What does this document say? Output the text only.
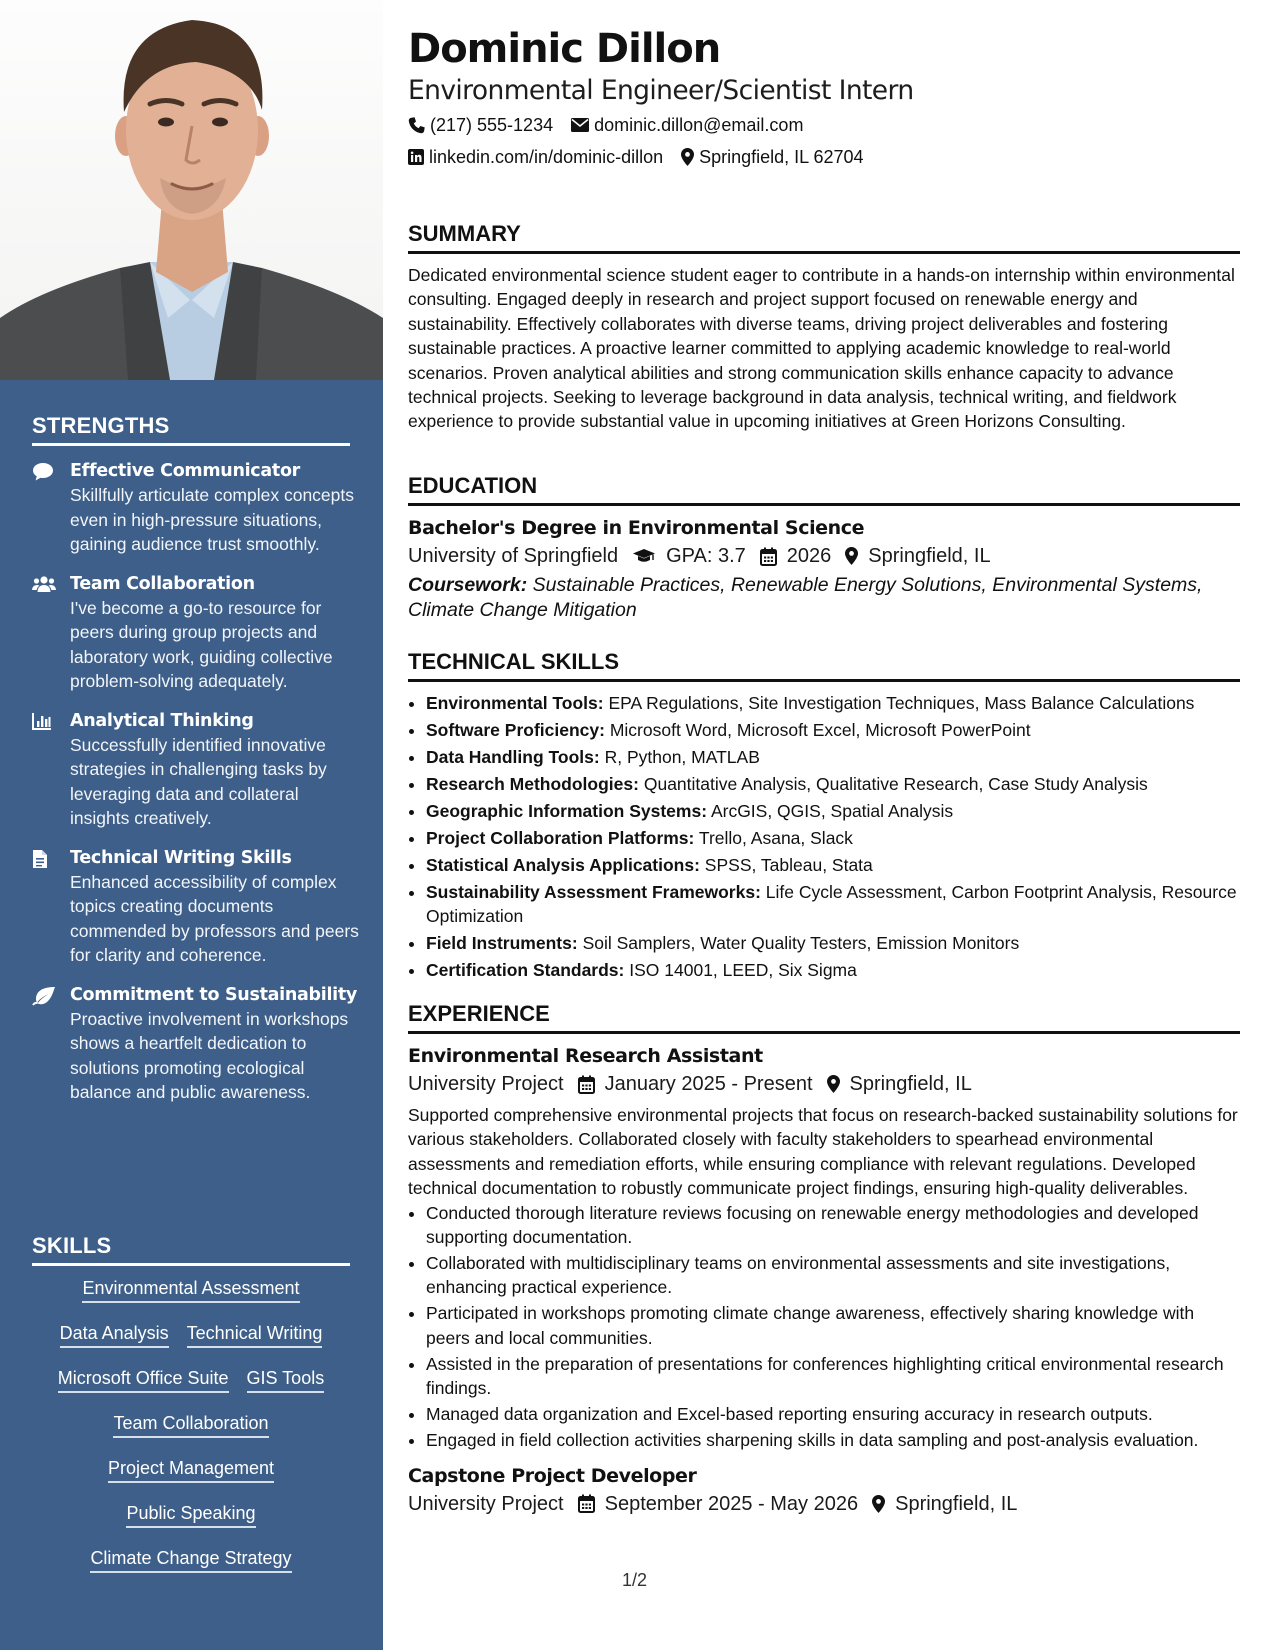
STRENGTHS
Effective Communicator
Skillfully articulate complex concepts even in high-pressure situations, gaining audience trust smoothly.
Team Collaboration
I've become a go-to resource for peers during group projects and laboratory work, guiding collective problem-solving adequately.
Analytical Thinking
Successfully identified innovative strategies in challenging tasks by leveraging data and collateral insights creatively.
Technical Writing Skills
Enhanced accessibility of complex topics creating documents commended by professors and peers for clarity and coherence.
Commitment to Sustainability
Proactive involvement in workshops shows a heartfelt dedication to solutions promoting ecological balance and public awareness.
SKILLS
Environmental Assessment
Data Analysis Technical Writing
Microsoft Office Suite GIS Tools
Team Collaboration
Project Management
Public Speaking
Climate Change Strategy
Dominic Dillon
Environmental Engineer/Scientist Intern
(217) 555-1234 dominic.dillon@email.com
linkedin.com/in/dominic-dillon Springfield, IL 62704
SUMMARY
Dedicated environmental science student eager to contribute in a hands-on internship within environmental consulting. Engaged deeply in research and project support focused on renewable energy and sustainability. Effectively collaborates with diverse teams, driving project deliverables and fostering sustainable practices. A proactive learner committed to applying academic knowledge to real-world scenarios. Proven analytical abilities and strong communication skills enhance capacity to advance technical projects. Seeking to leverage background in data analysis, technical writing, and fieldwork experience to provide substantial value in upcoming initiatives at Green Horizons Consulting.
EDUCATION
Bachelor's Degree in Environmental Science
University of Springfield GPA: 3.7 2026 Springfield, IL
Coursework: Sustainable Practices, Renewable Energy Solutions, Environmental Systems, Climate Change Mitigation
TECHNICAL SKILLS
• Environmental Tools: EPA Regulations, Site Investigation Techniques, Mass Balance Calculations
• Software Proficiency: Microsoft Word, Microsoft Excel, Microsoft PowerPoint
• Data Handling Tools: R, Python, MATLAB
• Research Methodologies: Quantitative Analysis, Qualitative Research, Case Study Analysis
• Geographic Information Systems: ArcGIS, QGIS, Spatial Analysis
• Project Collaboration Platforms: Trello, Asana, Slack
• Statistical Analysis Applications: SPSS, Tableau, Stata
• Sustainability Assessment Frameworks: Life Cycle Assessment, Carbon Footprint Analysis, Resource Optimization
• Field Instruments: Soil Samplers, Water Quality Testers, Emission Monitors
• Certification Standards: ISO 14001, LEED, Six Sigma
EXPERIENCE
Environmental Research Assistant
University Project January 2025 - Present Springfield, IL
Supported comprehensive environmental projects that focus on research-backed sustainability solutions for various stakeholders. Collaborated closely with faculty stakeholders to spearhead environmental assessments and remediation efforts, while ensuring compliance with relevant regulations. Developed technical documentation to robustly communicate project findings, ensuring high-quality deliverables.
• Conducted thorough literature reviews focusing on renewable energy methodologies and developed supporting documentation.
• Collaborated with multidisciplinary teams on environmental assessments and site investigations, enhancing practical experience.
• Participated in workshops promoting climate change awareness, effectively sharing knowledge with peers and local communities.
• Assisted in the preparation of presentations for conferences highlighting critical environmental research findings.
• Managed data organization and Excel-based reporting ensuring accuracy in research outputs.
• Engaged in field collection activities sharpening skills in data sampling and post-analysis evaluation.
Capstone Project Developer
University Project September 2025 - May 2026 Springfield, IL
1/2
